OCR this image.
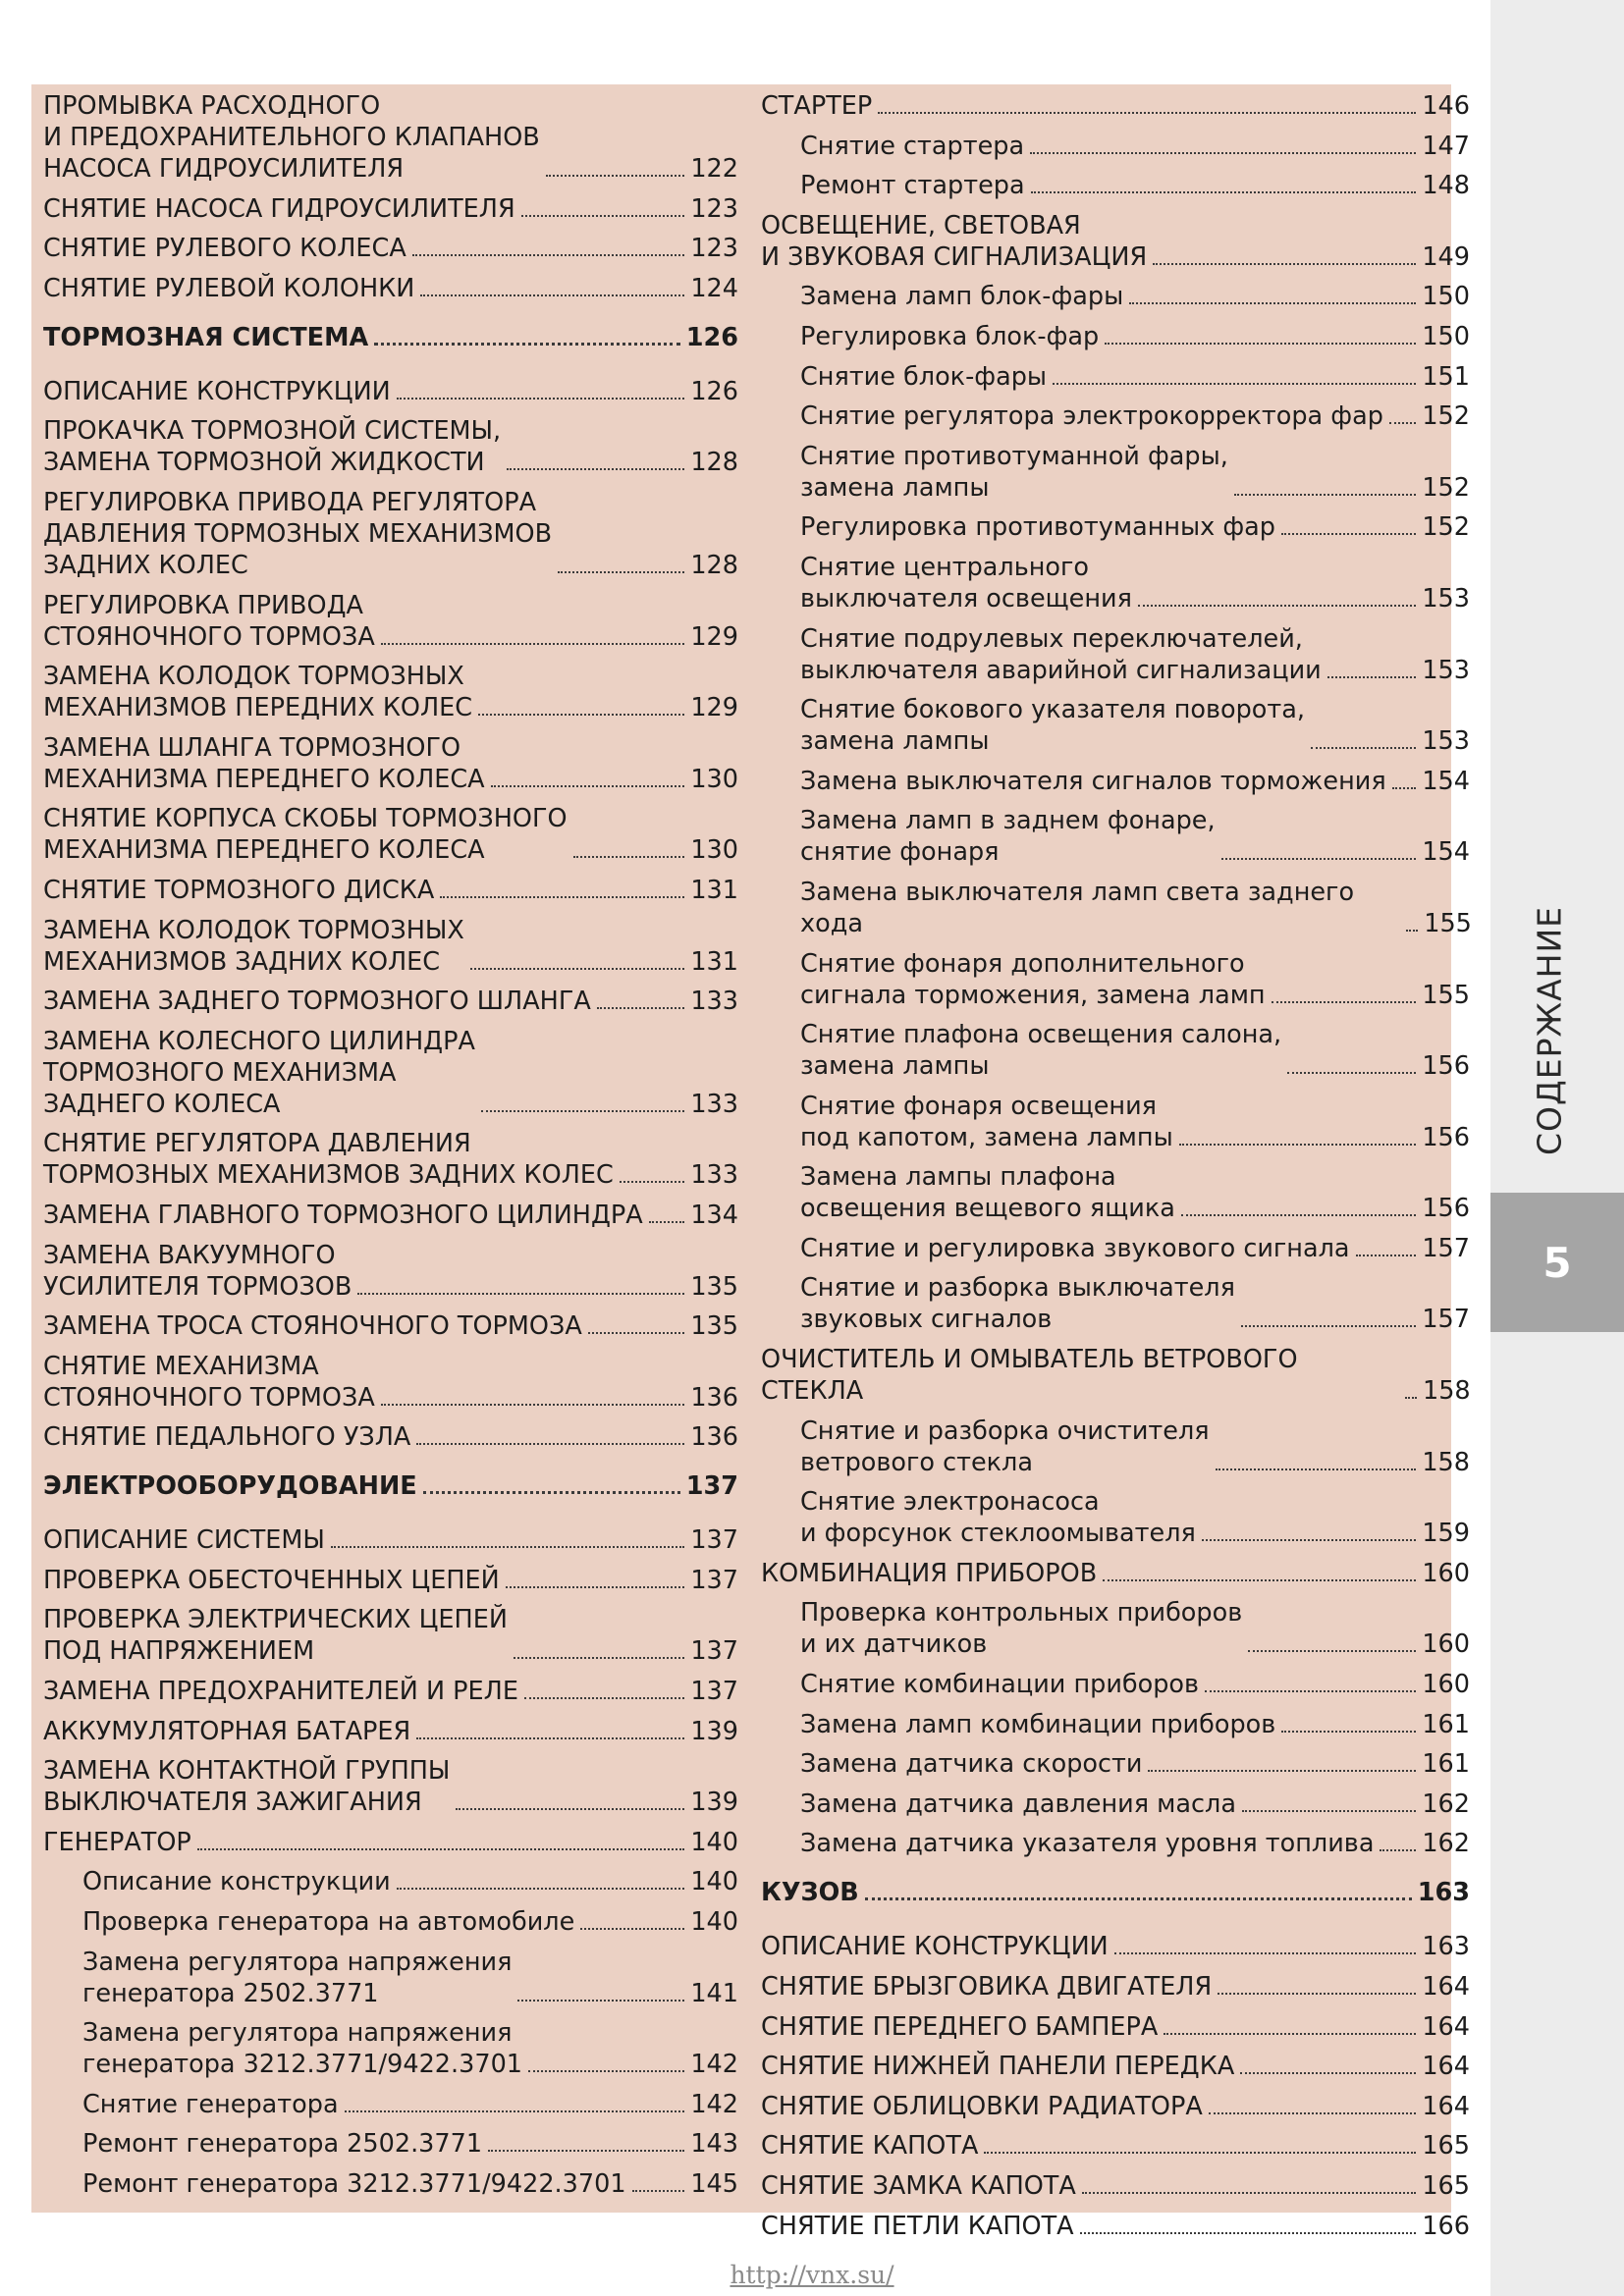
ПРОМЫВКА РАСХОДНОГО
И ПРЕДОХРАНИТЕЛЬНОГО КЛАПАНОВ
НАСОСА ГИДРОУСИЛИТЕЛЯ	122
СНЯТИЕ НАСОСА ГИДРОУСИЛИТЕЛЯ	123
СНЯТИЕ РУЛЕВОГО КОЛЕСА	123
СНЯТИЕ РУЛЕВОЙ КОЛОНКИ	124
ТОРМОЗНАЯ СИСТЕМА	126
ОПИСАНИЕ КОНСТРУКЦИИ	126
ПРОКАЧКА ТОРМОЗНОЙ СИСТЕМЫ,
ЗАМЕНА ТОРМОЗНОЙ ЖИДКОСТИ	128
РЕГУЛИРОВКА ПРИВОДА РЕГУЛЯТОРА
ДАВЛЕНИЯ ТОРМОЗНЫХ МЕХАНИЗМОВ
ЗАДНИХ КОЛЕС	128
РЕГУЛИРОВКА ПРИВОДА
СТОЯНОЧНОГО ТОРМОЗА	129
ЗАМЕНА КОЛОДОК ТОРМОЗНЫХ
МЕХАНИЗМОВ ПЕРЕДНИХ КОЛЕС	129
ЗАМЕНА ШЛАНГА ТОРМОЗНОГО
МЕХАНИЗМА ПЕРЕДНЕГО КОЛЕСА	130
СНЯТИЕ КОРПУСА СКОБЫ ТОРМОЗНОГО
МЕХАНИЗМА ПЕРЕДНЕГО КОЛЕСА	130
СНЯТИЕ ТОРМОЗНОГО ДИСКА	131
ЗАМЕНА КОЛОДОК ТОРМОЗНЫХ
МЕХАНИЗМОВ ЗАДНИХ КОЛЕС	131
ЗАМЕНА ЗАДНЕГО ТОРМОЗНОГО ШЛАНГА	133
ЗАМЕНА КОЛЕСНОГО ЦИЛИНДРА
ТОРМОЗНОГО МЕХАНИЗМА
ЗАДНЕГО КОЛЕСА	133
СНЯТИЕ РЕГУЛЯТОРА ДАВЛЕНИЯ
ТОРМОЗНЫХ МЕХАНИЗМОВ ЗАДНИХ КОЛЕС	133
ЗАМЕНА ГЛАВНОГО ТОРМОЗНОГО ЦИЛИНДРА 134
ЗАМЕНА ВАКУУМНОГО
УСИЛИТЕЛЯ ТОРМОЗОВ	135
ЗАМЕНА ТРОСА СТОЯНОЧНОГО ТОРМОЗА	135
СНЯТИЕ МЕХАНИЗМА
СТОЯНОЧНОГО ТОРМОЗА	136
СНЯТИЕ ПЕДАЛЬНОГО УЗЛА	136
ЭЛЕКТРООБОРУДОВАНИЕ	137
ОПИСАНИЕ СИСТЕМЫ	137
ПРОВЕРКА ОБЕСТОЧЕННЫХ ЦЕПЕЙ	137
ПРОВЕРКА ЭЛЕКТРИЧЕСКИХ ЦЕПЕЙ
ПОД НАПРЯЖЕНИЕМ	137
ЗАМЕНА ПРЕДОХРАНИТЕЛЕЙ И РЕЛЕ	137
АККУМУЛЯТОРНАЯ БАТАРЕЯ	139
ЗАМЕНА КОНТАКТНОЙ ГРУППЫ
ВЫКЛЮЧАТЕЛЯ ЗАЖИГАНИЯ	139
ГЕНЕРАТОР	140
Описание конструкции	140
Проверка генератора на автомобиле	140
Замена регулятора напряжения
генератора 2502.3771	141
Замена регулятора напряжения
генератора 3212.3771/9422.3701	142
Снятие генератора	142
Ремонт генератора 2502.3771	143
Ремонт генератора 3212.3771/9422.3701	145
СТАРТЕР	146
Снятие стартера	147
Ремонт стартера	148
ОСВЕЩЕНИЕ, СВЕТОВАЯ
И ЗВУКОВАЯ СИГНАЛИЗАЦИЯ	149
Замена ламп блок-фары	150
Регулировка блок-фар	150
Снятие блок-фары	151
Снятие регулятора электрокорректора фар 152
Снятие противотуманной фары,
замена лампы	152
Регулировка противотуманных фар	152
Снятие центрального
выключателя освещения	153
Снятие подрулевых переключателей,
выключателя аварийной сигнализации	153
Снятие бокового указателя поворота,
замена лампы	153
Замена выключателя сигналов торможения 154
Замена ламп в заднем фонаре,
снятие фонаря	154
Замена выключателя ламп света заднего хода	155
Снятие фонаря дополнительного
сигнала торможения, замена ламп	155
Снятие плафона освещения салона,
замена лампы	156
Снятие фонаря освещения
под капотом, замена лампы	156
Замена лампы плафона
освещения вещевого ящика	156
Снятие и регулировка звукового сигнала	157
Снятие и разборка выключателя
звуковых сигналов	157
ОЧИСТИТЕЛЬ И ОМЫВАТЕЛЬ ВЕТРОВОГО СТЕКЛА	158
Снятие и разборка очистителя
ветрового стекла	158
Снятие электронасоса
и форсунок стеклоомывателя	159
КОМБИНАЦИЯ ПРИБОРОВ	160
Проверка контрольных приборов
и их датчиков	160
Снятие комбинации приборов	160
Замена ламп комбинации приборов	161
Замена датчика скорости	161
Замена датчика давления масла	162
Замена датчика указателя уровня топлива 162
КУЗОВ	163
ОПИСАНИЕ КОНСТРУКЦИИ	163
СНЯТИЕ БРЫЗГОВИКА ДВИГАТЕЛЯ	164
СНЯТИЕ ПЕРЕДНЕГО БАМПЕРА	164
СНЯТИЕ НИЖНЕЙ ПАНЕЛИ ПЕРЕДКА	164
СНЯТИЕ ОБЛИЦОВКИ РАДИАТОРА	164
СНЯТИЕ КАПОТА	165
СНЯТИЕ ЗАМКА КАПОТА	165
СНЯТИЕ ПЕТЛИ КАПОТА	166
СОДЕРЖАНИЕ
5
http://vnx.su/
